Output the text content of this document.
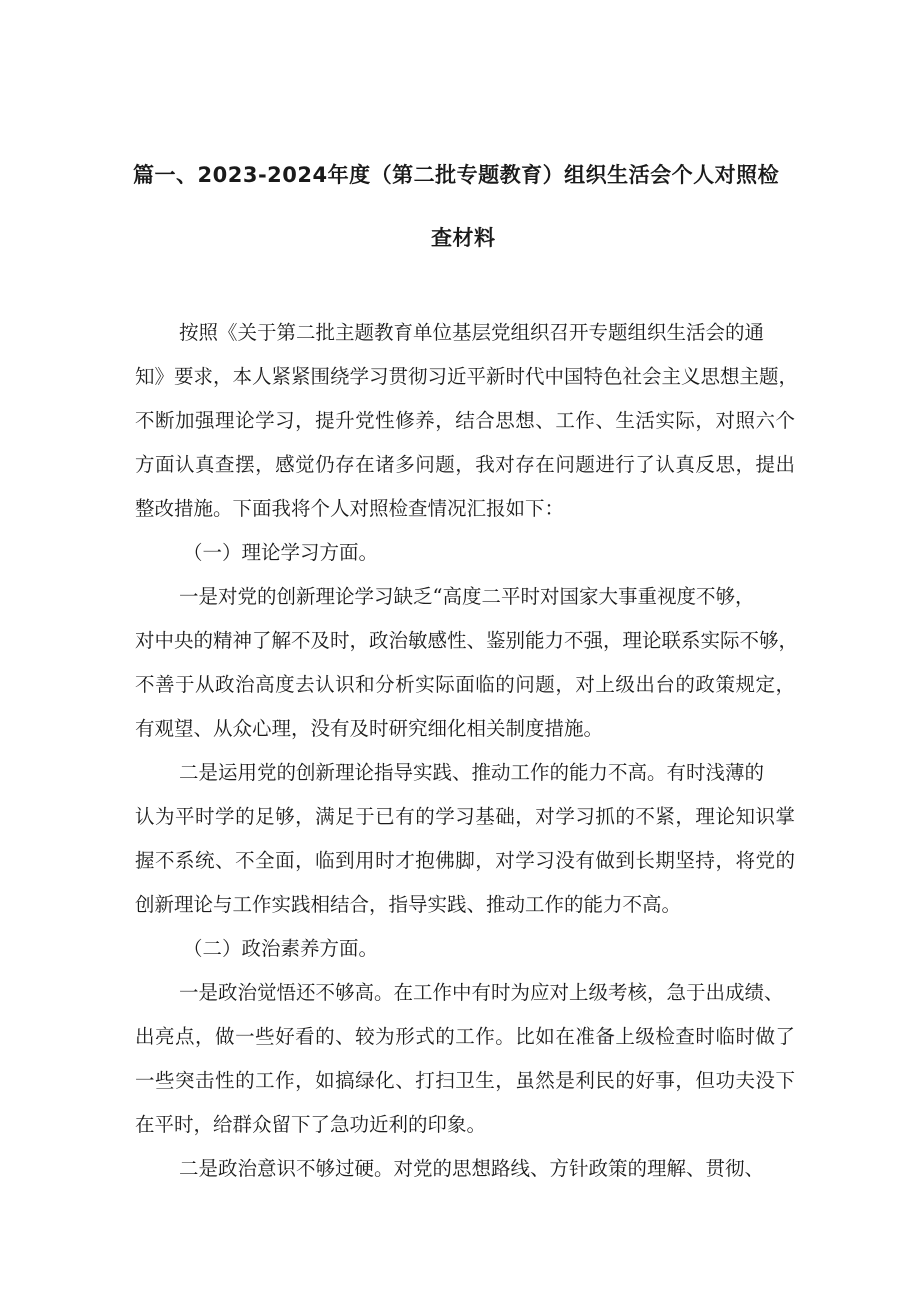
篇一、2023-2024年度（第二批专题教育）组织生活会个人对照检
查材料
按照《关于第二批主题教育单位基层党组织召开专题组织生活会的通
知》要求，本人紧紧围绕学习贯彻习近平新时代中国特色社会主义思想主题，
不断加强理论学习，提升党性修养，结合思想、工作、生活实际，对照六个
方面认真查摆，感觉仍存在诸多问题，我对存在问题进行了认真反思，提出
整改措施。下面我将个人对照检查情况汇报如下：
（一）理论学习方面。
一是对党的创新理论学习缺乏“高度二平时对国家大事重视度不够，
对中央的精神了解不及时，政治敏感性、鉴别能力不强，理论联系实际不够，
不善于从政治高度去认识和分析实际面临的问题，对上级出台的政策规定，
有观望、从众心理，没有及时研究细化相关制度措施。
二是运用党的创新理论指导实践、推动工作的能力不高。有时浅薄的
认为平时学的足够，满足于已有的学习基础，对学习抓的不紧，理论知识掌
握不系统、不全面，临到用时才抱佛脚，对学习没有做到长期坚持，将党的
创新理论与工作实践相结合，指导实践、推动工作的能力不高。
（二）政治素养方面。
一是政治觉悟还不够高。在工作中有时为应对上级考核，急于出成绩、
出亮点，做一些好看的、较为形式的工作。比如在准备上级检查时临时做了
一些突击性的工作，如搞绿化、打扫卫生，虽然是利民的好事，但功夫没下
在平时，给群众留下了急功近利的印象。
二是政治意识不够过硬。对党的思想路线、方针政策的理解、贯彻、
